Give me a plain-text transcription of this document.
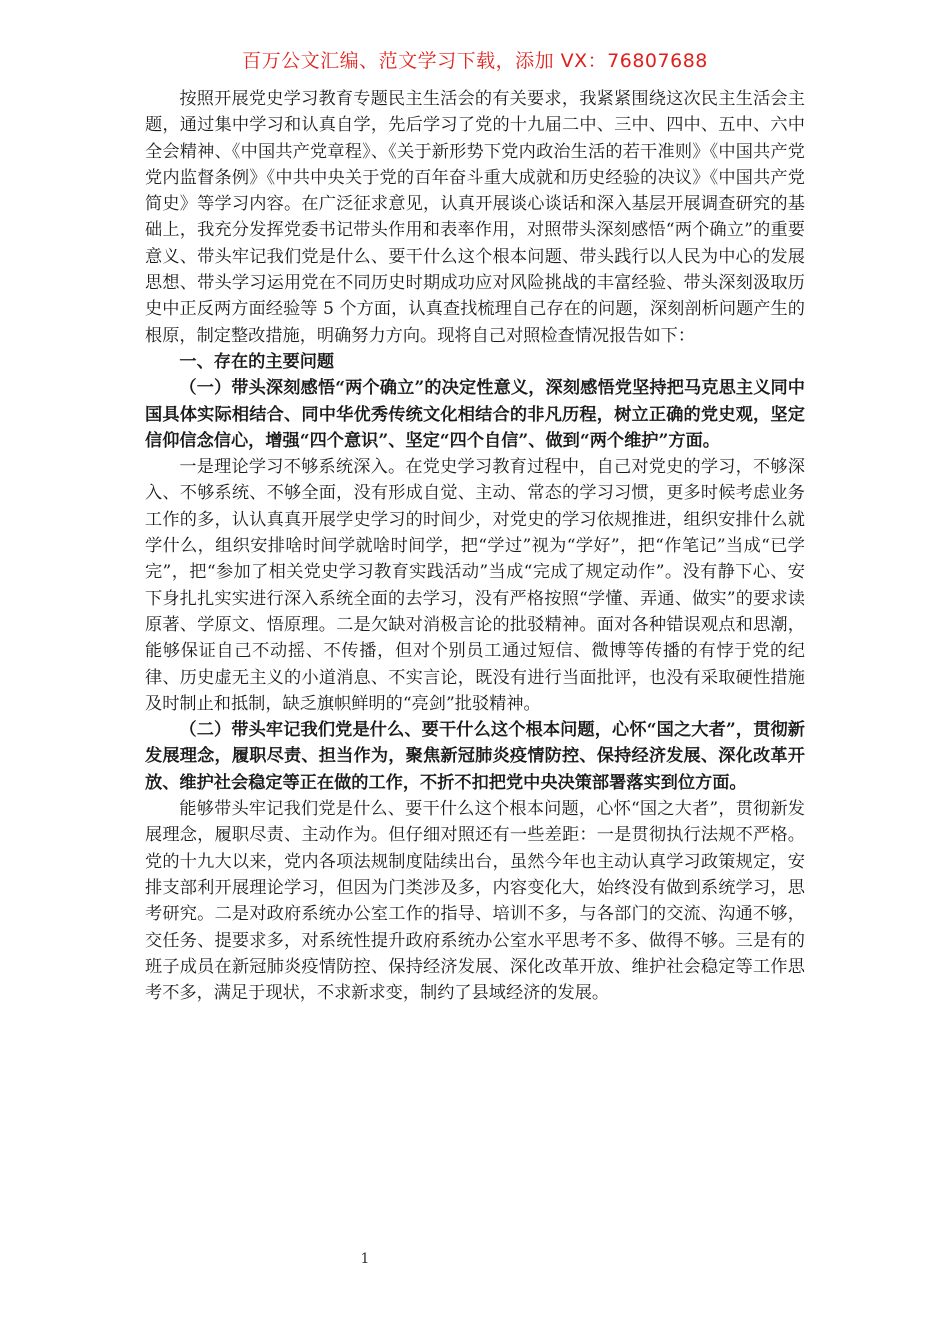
百万公文汇编、范文学习下载，添加 VX：76807688

按照开展党史学习教育专题民主生活会的有关要求，我紧紧围绕这次民主生活会主题，通过集中学习和认真自学，先后学习了党的十九届二中、三中、四中、五中、六中全会精神、《中国共产党章程》、《关于新形势下党内政治生活的若干准则》《中国共产党党内监督条例》《中共中央关于党的百年奋斗重大成就和历史经验的决议》《中国共产党简史》等学习内容。在广泛征求意见，认真开展谈心谈话和深入基层开展调查研究的基础上，我充分发挥党委书记带头作用和表率作用，对照带头深刻感悟“两个确立”的重要意义、带头牢记我们党是什么、要干什么这个根本问题、带头践行以人民为中心的发展思想、带头学习运用党在不同历史时期成功应对风险挑战的丰富经验、带头深刻汲取历史中正反两方面经验等 5 个方面，认真查找梳理自己存在的问题，深刻剖析问题产生的根原，制定整改措施，明确努力方向。现将自己对照检查情况报告如下：

一、存在的主要问题

（一）带头深刻感悟“两个确立”的决定性意义，深刻感悟党坚持把马克思主义同中国具体实际相结合、同中华优秀传统文化相结合的非凡历程，树立正确的党史观，坚定信仰信念信心，增强“四个意识”、坚定“四个自信”、做到“两个维护”方面。

一是理论学习不够系统深入。在党史学习教育过程中，自己对党史的学习，不够深入、不够系统、不够全面，没有形成自觉、主动、常态的学习习惯，更多时候考虑业务工作的多，认认真真开展学史学习的时间少，对党史的学习依规推进，组织安排什么就学什么，组织安排啥时间学就啥时间学，把“学过”视为“学好”，把“作笔记”当成“已学完”，把“参加了相关党史学习教育实践活动”当成“完成了规定动作”。没有静下心、安下身扎扎实实进行深入系统全面的去学习，没有严格按照“学懂、弄通、做实”的要求读原著、学原文、悟原理。二是欠缺对消极言论的批驳精神。面对各种错误观点和思潮，能够保证自己不动摇、不传播，但对个别员工通过短信、微博等传播的有悖于党的纪律、历史虚无主义的小道消息、不实言论，既没有进行当面批评，也没有采取硬性措施及时制止和抵制，缺乏旗帜鲜明的“亮剑”批驳精神。

（二）带头牢记我们党是什么、要干什么这个根本问题，心怀“国之大者”，贯彻新发展理念，履职尽责、担当作为，聚焦新冠肺炎疫情防控、保持经济发展、深化改革开放、维护社会稳定等正在做的工作，不折不扣把党中央决策部署落实到位方面。

能够带头牢记我们党是什么、要干什么这个根本问题，心怀“国之大者”，贯彻新发展理念，履职尽责、主动作为。但仔细对照还有一些差距：一是贯彻执行法规不严格。党的十九大以来，党内各项法规制度陆续出台，虽然今年也主动认真学习政策规定，安排支部利开展理论学习，但因为门类涉及多，内容变化大，始终没有做到系统学习，思考研究。二是对政府系统办公室工作的指导、培训不多，与各部门的交流、沟通不够，交任务、提要求多，对系统性提升政府系统办公室水平思考不多、做得不够。三是有的班子成员在新冠肺炎疫情防控、保持经济发展、深化改革开放、维护社会稳定等工作思考不多，满足于现状，不求新求变，制约了县域经济的发展。

1
